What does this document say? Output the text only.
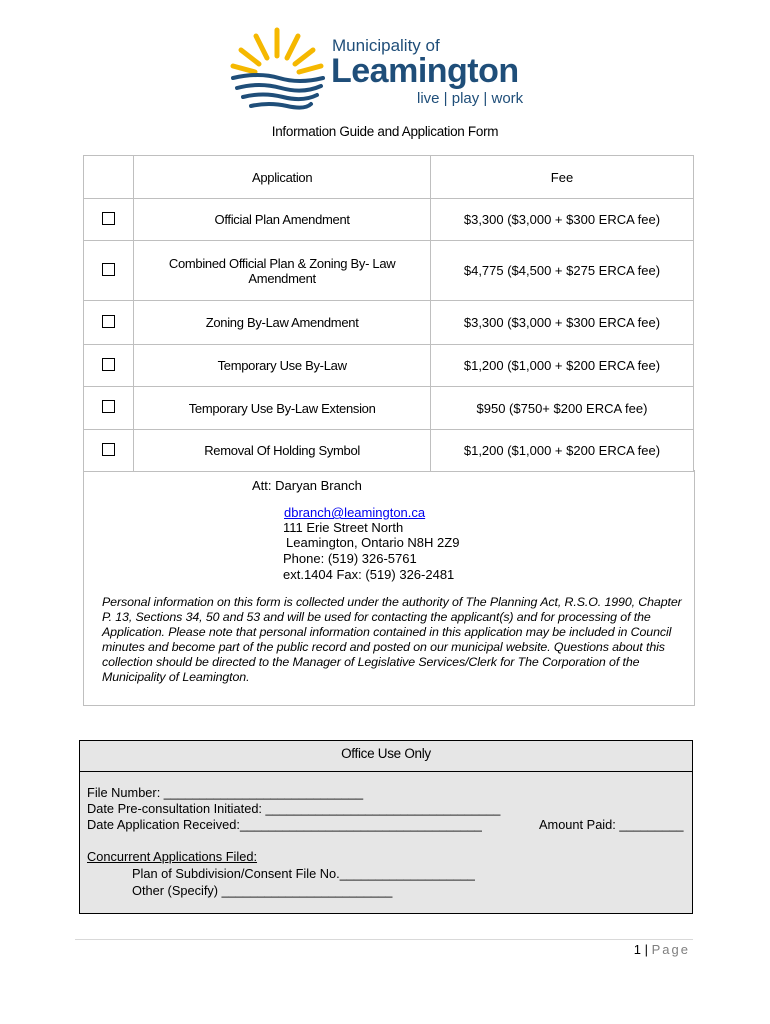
Municipality of
Leamington
live | play | work
Information Guide and Application Form
	Application	Fee
	Official Plan Amendment	$3,300 ($3,000 + $300 ERCA fee)
	Combined Official Plan & Zoning By- Law Amendment	$4,775 ($4,500 + $275 ERCA fee)
	Zoning By-Law Amendment	$3,300 ($3,000 + $300 ERCA fee)
	Temporary Use By-Law	$1,200 ($1,000 + $200 ERCA fee)
	Temporary Use By-Law Extension	$950 ($750+ $200 ERCA fee)
	Removal Of Holding Symbol	$1,200 ($1,000 + $200 ERCA fee)
Att: Daryan Branch
dbranch@leamington.ca
111 Erie Street North
Leamington, Ontario N8H 2Z9
Phone: (519) 326-5761
ext.1404 Fax: (519) 326-2481
Personal information on this form is collected under the authority of The Planning Act, R.S.O. 1990, Chapter P. 13, Sections 34, 50 and 53 and will be used for contacting the applicant(s) and for processing of the Application. Please note that personal information contained in this application may be included in Council minutes and become part of the public record and posted on our municipal website. Questions about this collection should be directed to the Manager of Legislative Services/Clerk for The Corporation of the Municipality of Leamington.
Office Use Only
File Number: ____________________________
Date Pre-consultation Initiated: _________________________________
Date Application Received:__________________________________	Amount Paid: _________
Concurrent Applications Filed:
Plan of Subdivision/Consent File No.___________________
Other (Specify) ________________________
1 | Page
